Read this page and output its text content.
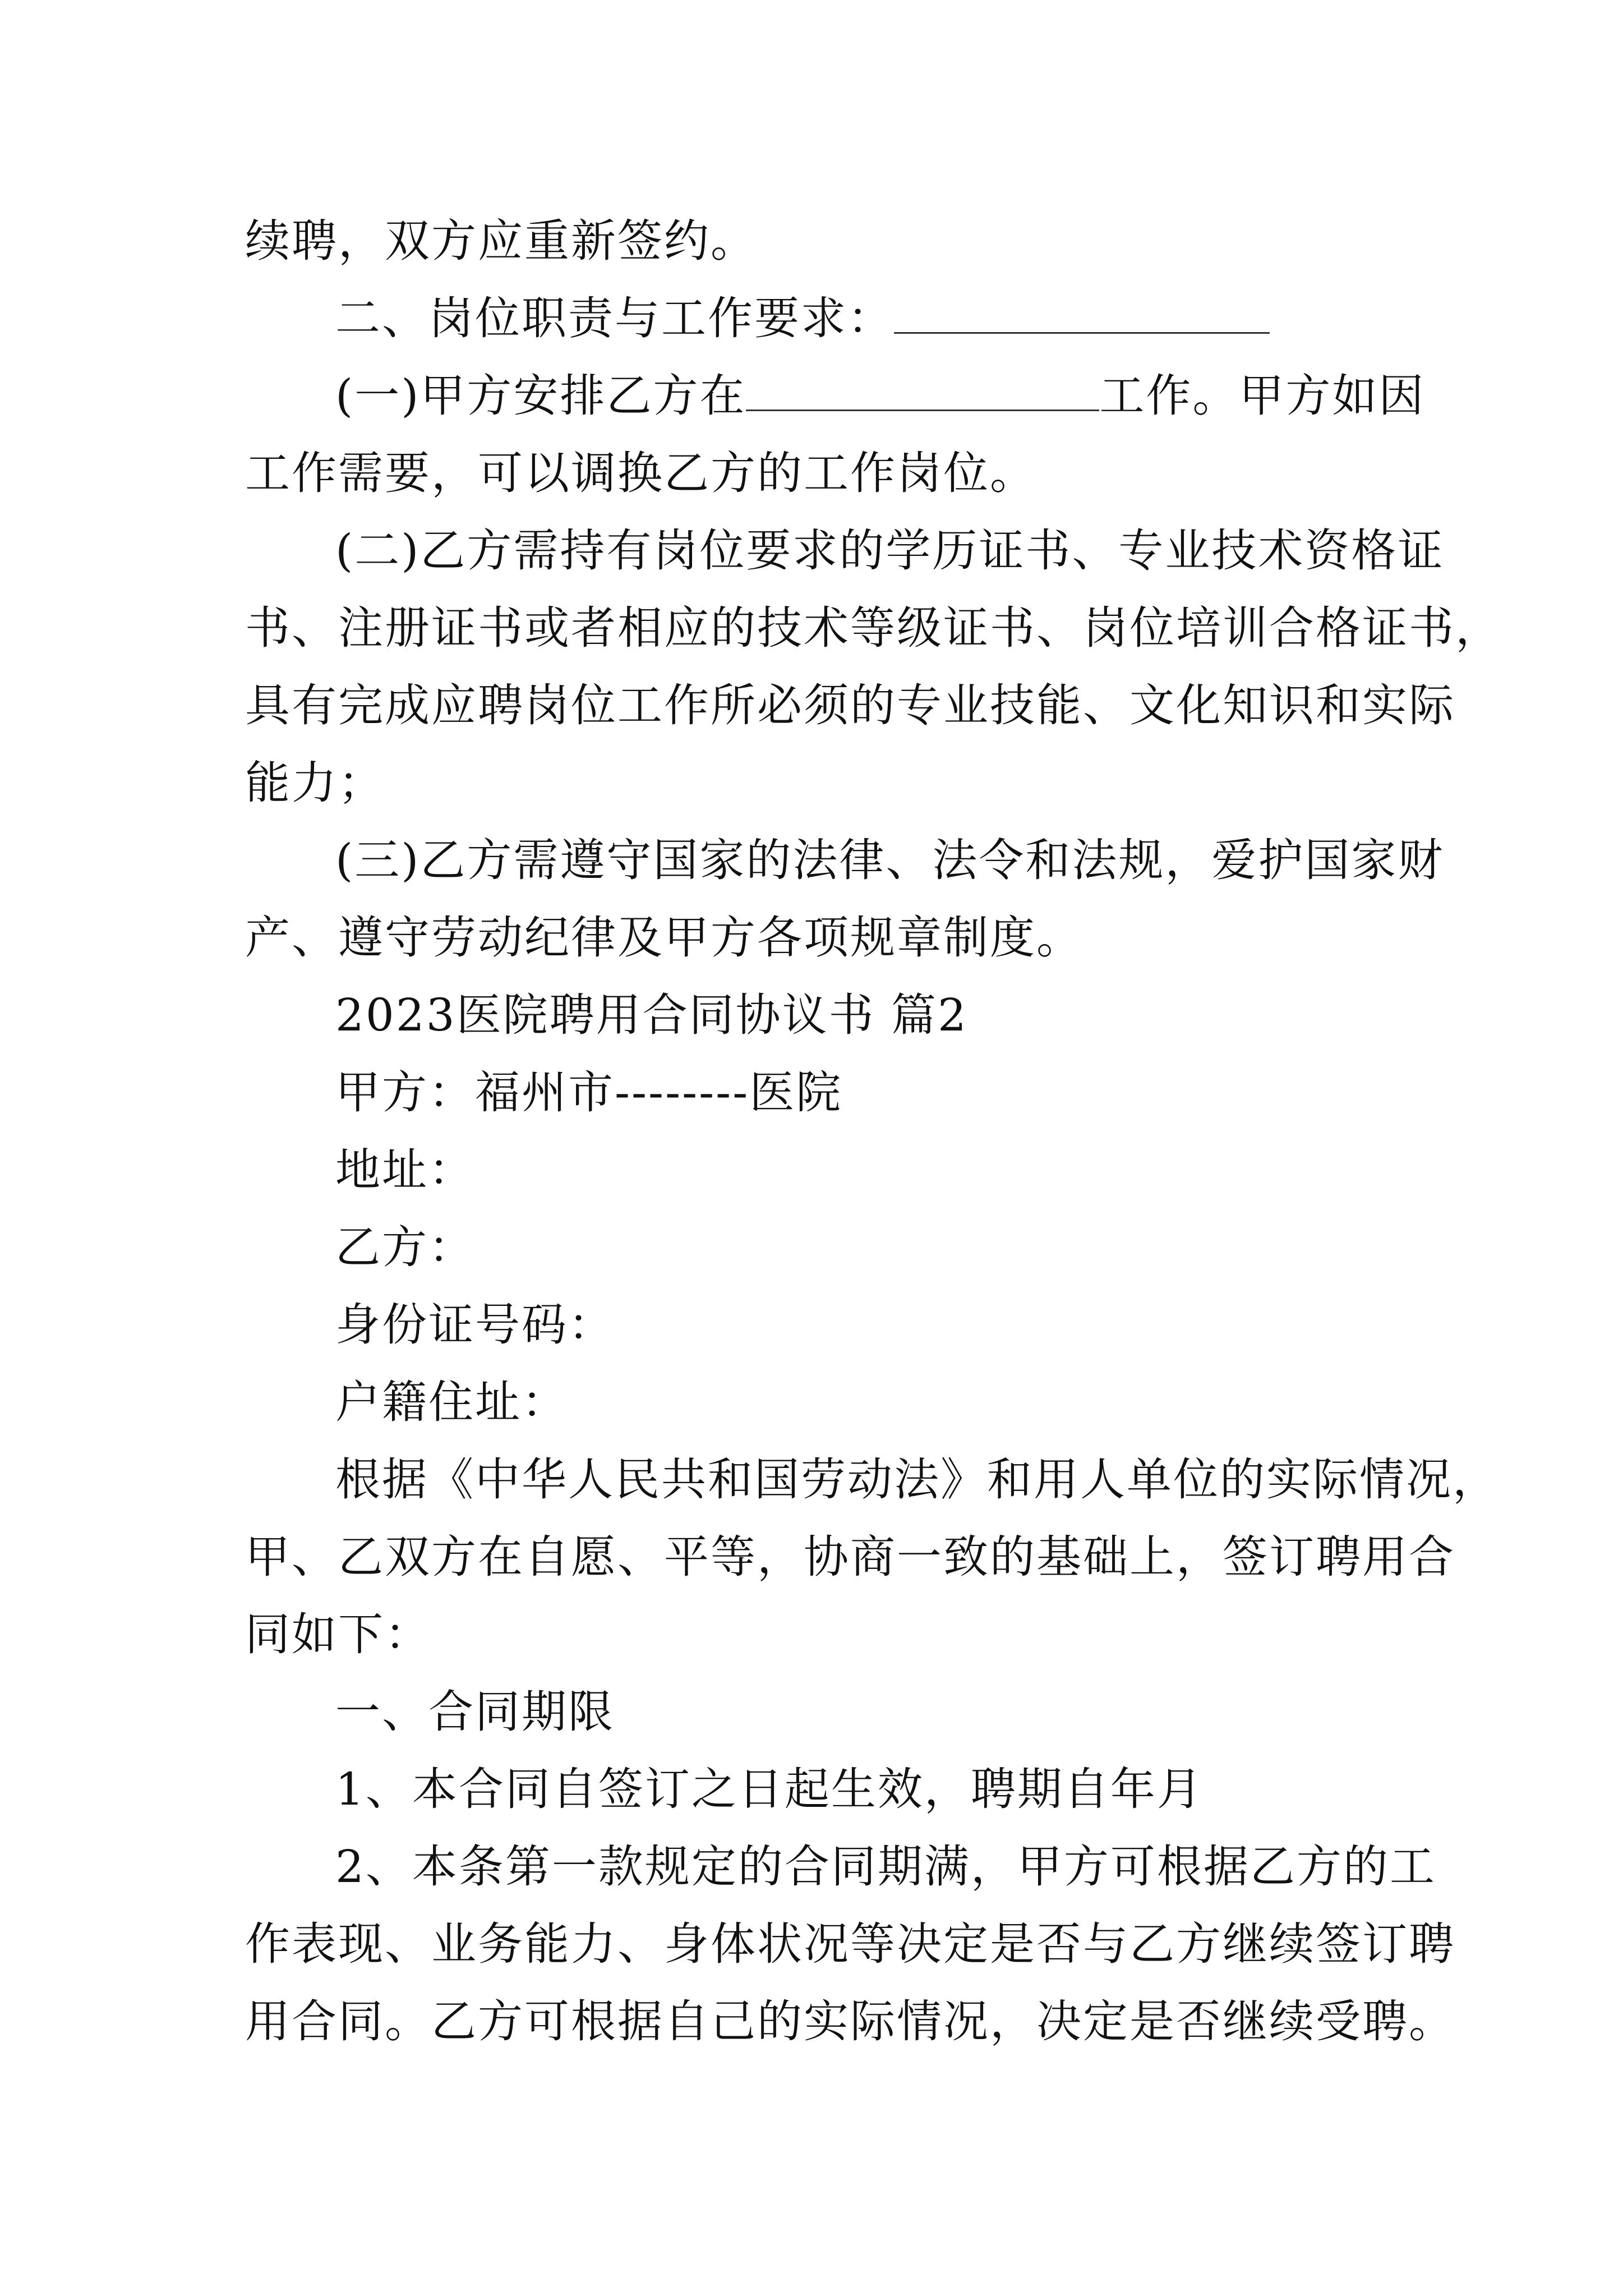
续聘，双方应重新签约。
二、岗位职责与工作要求：
(一)甲方安排乙方在	工作。甲方如因
工作需要，可以调换乙方的工作岗位。
(二)乙方需持有岗位要求的学历证书、专业技术资格证
书、注册证书或者相应的技术等级证书、岗位培训合格证书，
具有完成应聘岗位工作所必须的专业技能、文化知识和实际
能力；
(三)乙方需遵守国家的法律、法令和法规，爱护国家财
产、遵守劳动纪律及甲方各项规章制度。
2023医院聘用合同协议书 篇2
甲方：福州市--------医院
地址：
乙方：
身份证号码：
户籍住址：
根据《中华人民共和国劳动法》和用人单位的实际情况，
甲、乙双方在自愿、平等，协商一致的基础上，签订聘用合
同如下：
一、合同期限
1、本合同自签订之日起生效，聘期自年月
2、本条第一款规定的合同期满，甲方可根据乙方的工
作表现、业务能力、身体状况等决定是否与乙方继续签订聘
用合同。乙方可根据自己的实际情况，决定是否继续受聘。
